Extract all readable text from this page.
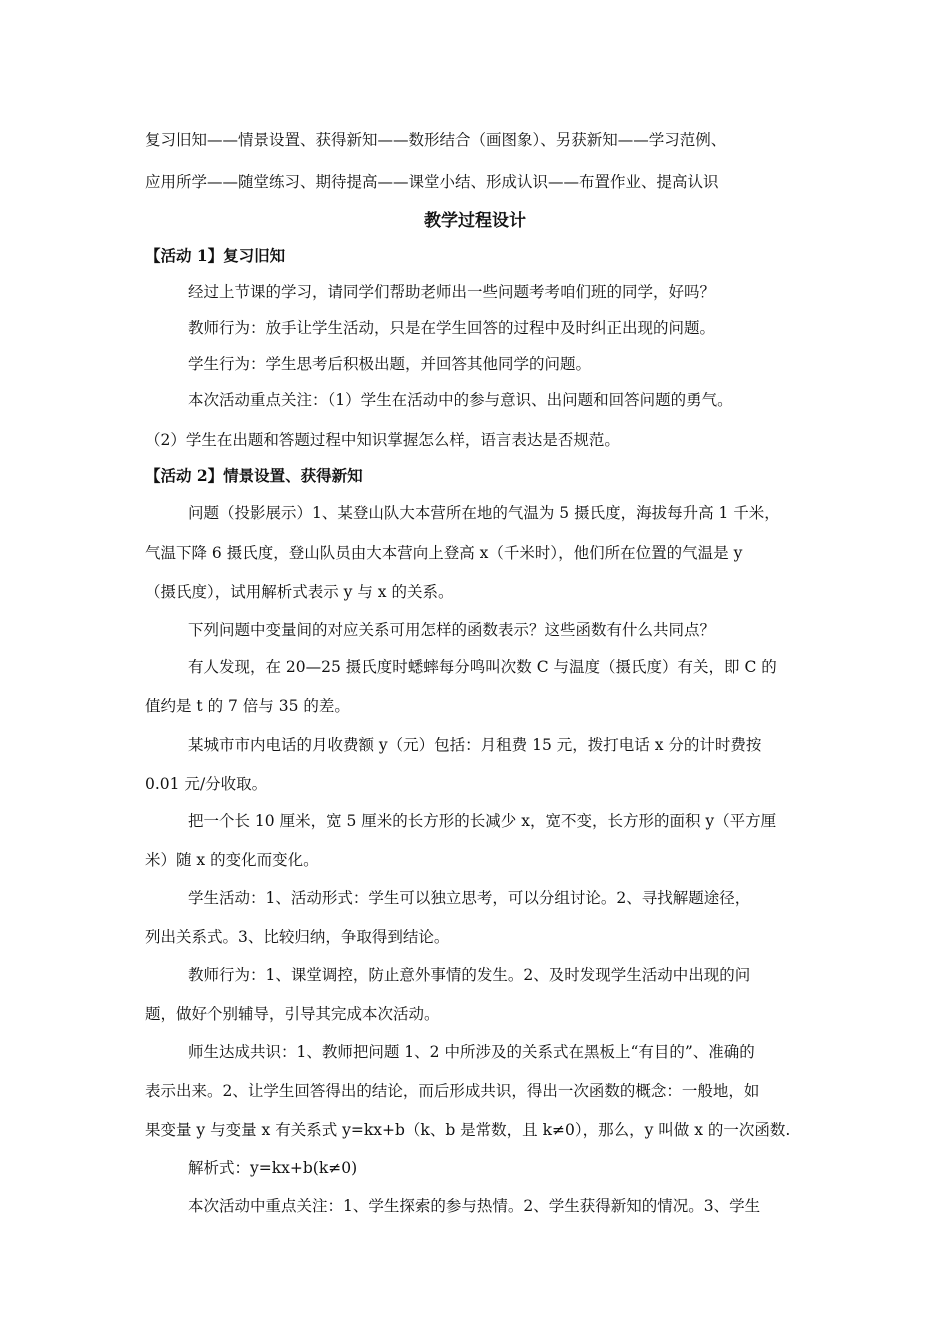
复习旧知——情景设置、获得新知——数形结合（画图象）、另获新知——学习范例、
应用所学——随堂练习、期待提高——课堂小结、形成认识——布置作业、提高认识
教学过程设计
【活动 1】复习旧知
经过上节课的学习，请同学们帮助老师出一些问题考考咱们班的同学，好吗？
教师行为：放手让学生活动，只是在学生回答的过程中及时纠正出现的问题。
学生行为：学生思考后积极出题，并回答其他同学的问题。
本次活动重点关注：（1）学生在活动中的参与意识、出问题和回答问题的勇气。
（2）学生在出题和答题过程中知识掌握怎么样，语言表达是否规范。
【活动 2】情景设置、获得新知
问题（投影展示）1、某登山队大本营所在地的气温为 5 摄氏度，海拔每升高 1 千米，
气温下降 6 摄氏度，登山队员由大本营向上登高 x（千米时），他们所在位置的气温是 y
（摄氏度），试用解析式表示 y 与 x 的关系。
下列问题中变量间的对应关系可用怎样的函数表示？这些函数有什么共同点？
有人发现，在 20—25 摄氏度时蟋蟀每分鸣叫次数 C 与温度（摄氏度）有关，即 C 的
值约是 t 的 7 倍与 35 的差。
某城市市内电话的月收费额 y（元）包括：月租费 15 元，拨打电话 x 分的计时费按
0.01 元/分收取。
把一个长 10 厘米，宽 5 厘米的长方形的长减少 x，宽不变，长方形的面积 y（平方厘
米）随 x 的变化而变化。
学生活动：1、活动形式：学生可以独立思考，可以分组讨论。2、寻找解题途径，
列出关系式。3、比较归纳，争取得到结论。
教师行为：1、课堂调控，防止意外事情的发生。2、及时发现学生活动中出现的问
题，做好个别辅导，引导其完成本次活动。
师生达成共识：1、教师把问题 1、2 中所涉及的关系式在黑板上“有目的”、准确的
表示出来。2、让学生回答得出的结论，而后形成共识，得出一次函数的概念：一般地，如
果变量 y 与变量 x 有关系式 y=kx+b（k、b 是常数，且 k≠0），那么，y 叫做 x 的一次函数.
解析式：y=kx+b(k≠0)
本次活动中重点关注：1、学生探索的参与热情。2、学生获得新知的情况。3、学生
